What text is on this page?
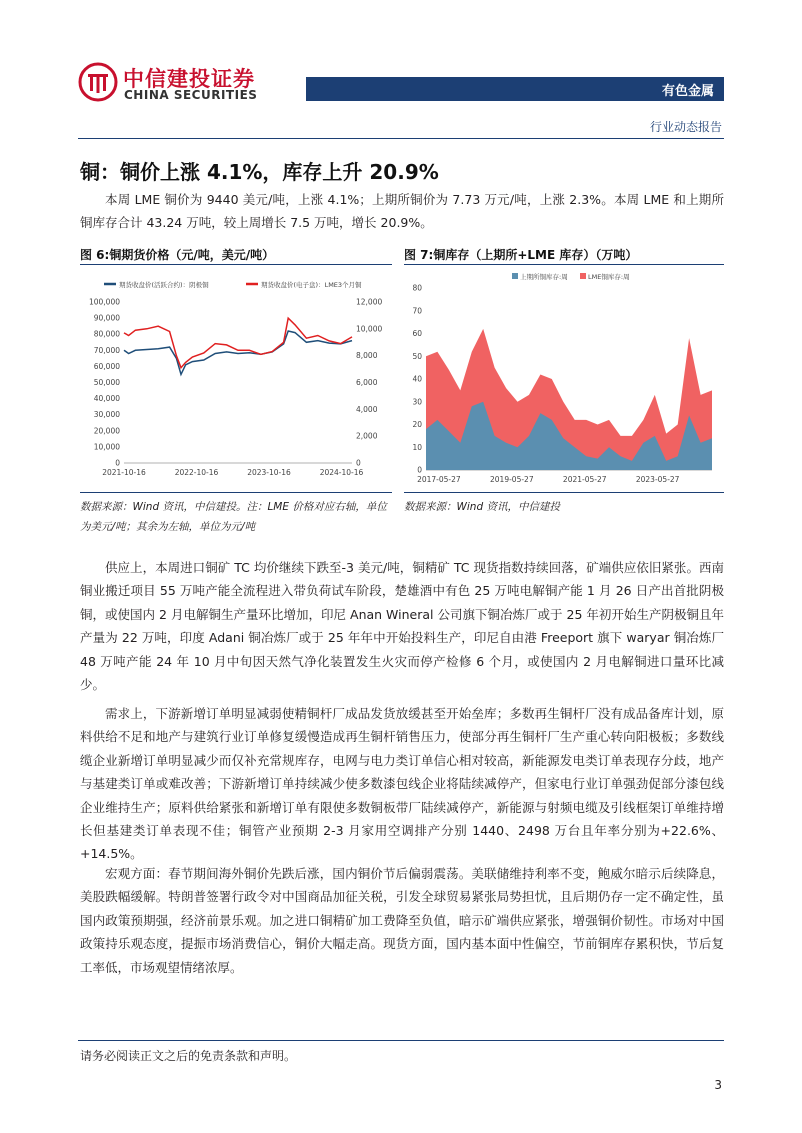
中信建投证券
CHINA SECURITIES	有色金属
行业动态报告
铜：铜价上涨 4.1%，库存上升 20.9%

本周 LME 铜价为 9440 美元/吨，上涨 4.1%；上期所铜价为 7.73 万元/吨，上涨 2.3%。本周 LME 和上期所铜库存合计 43.24 万吨，较上周增长 7.5 万吨，增长 20.9%。

图 6:铜期货价格（元/吨，美元/吨）
期货收盘价(活跃合约)：阴极铜	期货收盘价(电子盘)：LME3个月铜
0
10,000
20,000
30,000
40,000
50,000
60,000
70,000
80,000
90,000
100,000
0
2,000
4,000
6,000
8,000
10,000
12,000
2021-10-16	2022-10-16	2023-10-16	2024-10-16
数据来源：Wind 资讯，中信建投。注：LME 价格对应右轴，单位
为美元/吨；其余为左轴，单位为元/吨
图 7:铜库存（上期所+LME 库存）（万吨）
上期所铜库存:周	LME铜库存:周
0
10
20
30
40
50
60
70
80
2017-05-27	2019-05-27	2021-05-27	2023-05-27
数据来源：Wind 资讯，中信建投

供应上，本周进口铜矿 TC 均价继续下跌至-3 美元/吨，铜精矿 TC 现货指数持续回落，矿端供应依旧紧张。西南铜业搬迁项目 55 万吨产能全流程进入带负荷试车阶段，楚雄酒中有色 25 万吨电解铜产能 1 月 26 日产出首批阴极铜，或使国内 2 月电解铜生产量环比增加，印尼 Anan Wineral 公司旗下铜冶炼厂或于 25 年初开始生产阴极铜且年产量为 22 万吨，印度 Adani 铜冶炼厂或于 25 年年中开始投料生产，印尼自由港 Freeport 旗下 waryar 铜冶炼厂 48 万吨产能 24 年 10 月中旬因天然气净化装置发生火灾而停产检修 6 个月，或使国内 2 月电解铜进口量环比减少。

需求上，下游新增订单明显减弱使精铜杆厂成品发货放缓甚至开始垒库；多数再生铜杆厂没有成品备库计划，原料供给不足和地产与建筑行业订单修复缓慢造成再生铜杆销售压力，使部分再生铜杆厂生产重心转向阳极板；多数线缆企业新增订单明显减少而仅补充常规库存，电网与电力类订单信心相对较高，新能源发电类订单表现存分歧，地产与基建类订单或难改善；下游新增订单持续减少使多数漆包线企业将陆续减停产，但家电行业订单强劲促部分漆包线企业维持生产；原料供给紧张和新增订单有限使多数铜板带厂陆续减停产，新能源与射频电缆及引线框架订单维持增长但基建类订单表现不佳；铜管产业预期 2-3 月家用空调排产分别 1440、2498 万台且年率分别为+22.6%、+14.5%。

宏观方面：春节期间海外铜价先跌后涨，国内铜价节后偏弱震荡。美联储维持利率不变，鲍威尔暗示后续降息，美股跌幅缓解。特朗普签署行政令对中国商品加征关税，引发全球贸易紧张局势担忧，且后期仍存一定不确定性，虽国内政策预期强，经济前景乐观。加之进口铜精矿加工费降至负值，暗示矿端供应紧张，增强铜价韧性。市场对中国政策持乐观态度，提振市场消费信心，铜价大幅走高。现货方面，国内基本面中性偏空，节前铜库存累积快，节后复工率低，市场观望情绪浓厚。

请务必阅读正文之后的免责条款和声明。
3
